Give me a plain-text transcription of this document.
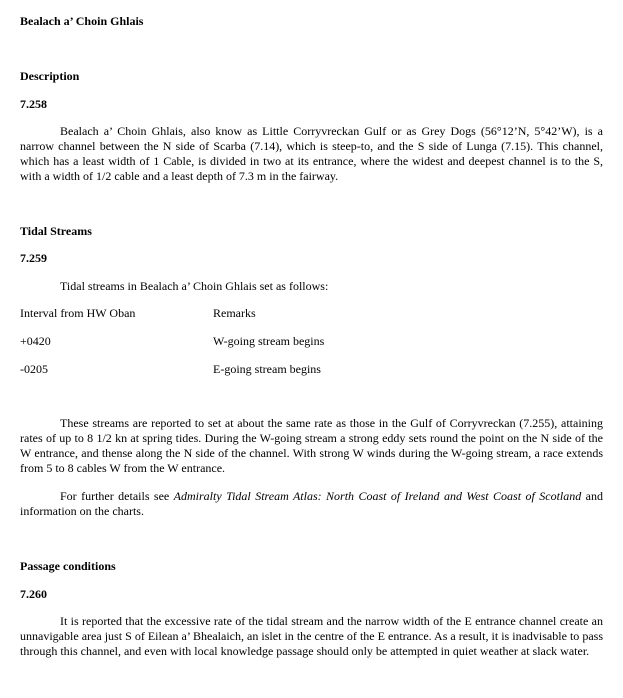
Bealach a’ Choin Ghlais
Description
7.258
Bealach a’ Choin Ghlais, also know as Little Corryvreckan Gulf or as Grey Dogs (56°12’N, 5°42’W), is a narrow channel between the N side of Scarba (7.14), which is steep-to, and the S side of Lunga (7.15). This channel, which has a least width of 1 Cable, is divided in two at its entrance, where the widest and deepest channel is to the S, with a width of 1/2 cable and a least depth of 7.3 m in the fairway.
Tidal Streams
7.259
Tidal streams in Bealach a’ Choin Ghlais set as follows:
Interval from HW Oban	Remarks
+0420	W-going stream begins
-0205	E-going stream begins
These streams are reported to set at about the same rate as those in the Gulf of Corryvreckan (7.255), attaining rates of up to 8 1/2 kn at spring tides. During the W-going stream a strong eddy sets round the point on the N side of the W entrance, and thense along the N side of the channel. With strong W winds during the W-going stream, a race extends from 5 to 8 cables W from the W entrance.
For further details see Admiralty Tidal Stream Atlas: North Coast of Ireland and West Coast of Scotland and information on the charts.
Passage conditions
7.260
It is reported that the excessive rate of the tidal stream and the narrow width of the E entrance channel create an unnavigable area just S of Eilean a’ Bhealaich, an islet in the centre of the E entrance. As a result, it is inadvisable to pass through this channel, and even with local knowledge passage should only be attempted in quiet weather at slack water.
